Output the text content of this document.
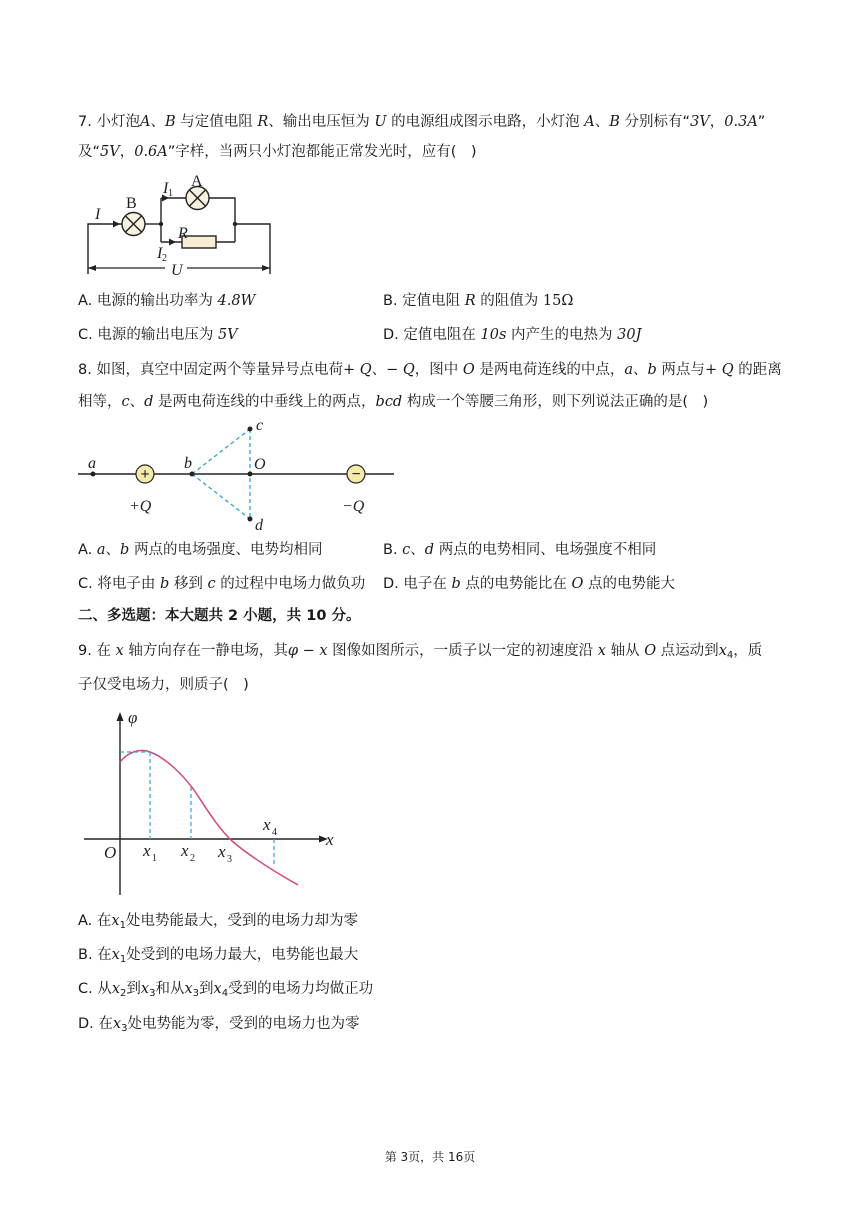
7. 小灯泡A、B 与定值电阻 R、输出电压恒为 U 的电源组成图示电路，小灯泡 A、B 分别标有“3V，0.3A”
及“5V，0.6A”字样，当两只小灯泡都能正常发光时，应有(　)
I
I
R
I
U
1
2
B
A
+	−
a	b	O
c
d
+Q	−Q
φ
x
O x x x
x
1	2	3
4
A. 电源的输出功率为 4.8W	B. 定值电阻 R 的阻值为 15Ω
C. 电源的输出电压为 5V	D. 定值电阻在 10s 内产生的电热为 30J
8. 如图，真空中固定两个等量异号点电荷+ Q、− Q，图中 O 是两电荷连线的中点，a、b 两点与+ Q 的距离
相等，c、d 是两电荷连线的中垂线上的两点，bcd 构成一个等腰三角形，则下列说法正确的是(　)
A. a、b 两点的电场强度、电势均相同	B. c、d 两点的电势相同、电场强度不相同
C. 将电子由 b 移到 c 的过程中电场力做负功 D. 电子在 b 点的电势能比在 O 点的电势能大
二、多选题：本大题共 2 小题，共 10 分。
9. 在 x 轴方向存在一静电场，其φ − x 图像如图所示，一质子以一定的初速度沿 x 轴从 O 点运动到$x_4$，质
子仅受电场力，则质子(　)
A. 在$x_1$处电势能最大，受到的电场力却为零
B. 在$x_1$处受到的电场力最大，电势能也最大
C. 从$x_2$到$x_3$和从$x_3$到$x_4$受到的电场力均做正功
D. 在$x_3$处电势能为零，受到的电场力也为零
第 3页，共 16页
